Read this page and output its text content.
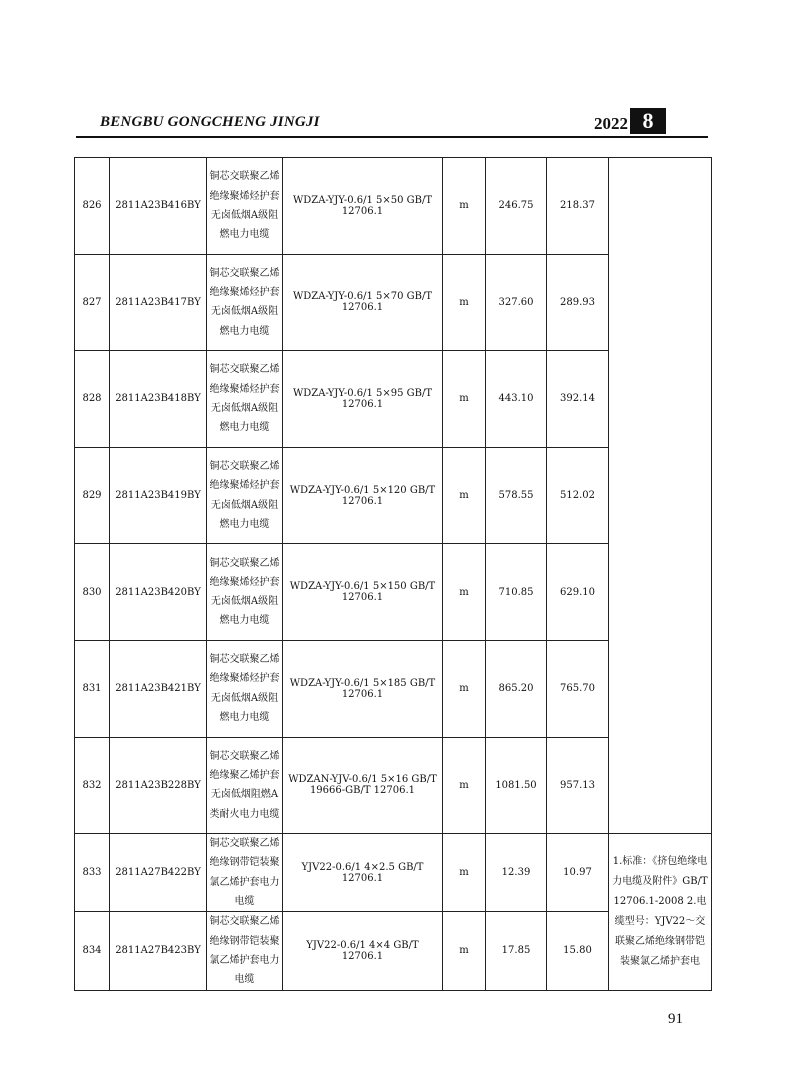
BENGBU GONGCHENG JINGJI	2022 8
826	2811A23B416BY	铜芯交联聚乙烯绝缘聚烯烃护套无卤低烟A级阻燃电力电缆	WDZA-YJY-0.6/1 5×50 GB/T 12706.1	m	246.75	218.37	
827	2811A23B417BY	铜芯交联聚乙烯绝缘聚烯烃护套无卤低烟A级阻燃电力电缆	WDZA-YJY-0.6/1 5×70 GB/T 12706.1	m	327.60	289.93	
828	2811A23B418BY	铜芯交联聚乙烯绝缘聚烯烃护套无卤低烟A级阻燃电力电缆	WDZA-YJY-0.6/1 5×95 GB/T 12706.1	m	443.10	392.14	
829	2811A23B419BY	铜芯交联聚乙烯绝缘聚烯烃护套无卤低烟A级阻燃电力电缆	WDZA-YJY-0.6/1 5×120 GB/T 12706.1	m	578.55	512.02	
830	2811A23B420BY	铜芯交联聚乙烯绝缘聚烯烃护套无卤低烟A级阻燃电力电缆	WDZA-YJY-0.6/1 5×150 GB/T 12706.1	m	710.85	629.10	
831	2811A23B421BY	铜芯交联聚乙烯绝缘聚烯烃护套无卤低烟A级阻燃电力电缆	WDZA-YJY-0.6/1 5×185 GB/T 12706.1	m	865.20	765.70	
832	2811A23B228BY	铜芯交联聚乙烯绝缘聚乙烯护套无卤低烟阻燃A类耐火电力电缆	WDZAN-YJV-0.6/1 5×16 GB/T 19666-GB/T 12706.1	m	1081.50	957.13	
833	2811A27B422BY	铜芯交联聚乙烯绝缘钢带铠装聚氯乙烯护套电力电缆	YJV22-0.6/1 4×2.5 GB/T 12706.1	m	12.39	10.97	1.标准：《挤包绝缘电力电缆及附件》GB/T 12706.1-2008 2.电缆型号：YJV22～交联聚乙烯绝缘钢带铠装聚氯乙烯护套电
834	2811A27B423BY	铜芯交联聚乙烯绝缘钢带铠装聚氯乙烯护套电力电缆	YJV22-0.6/1 4×4 GB/T 12706.1	m	17.85	15.80	
91
